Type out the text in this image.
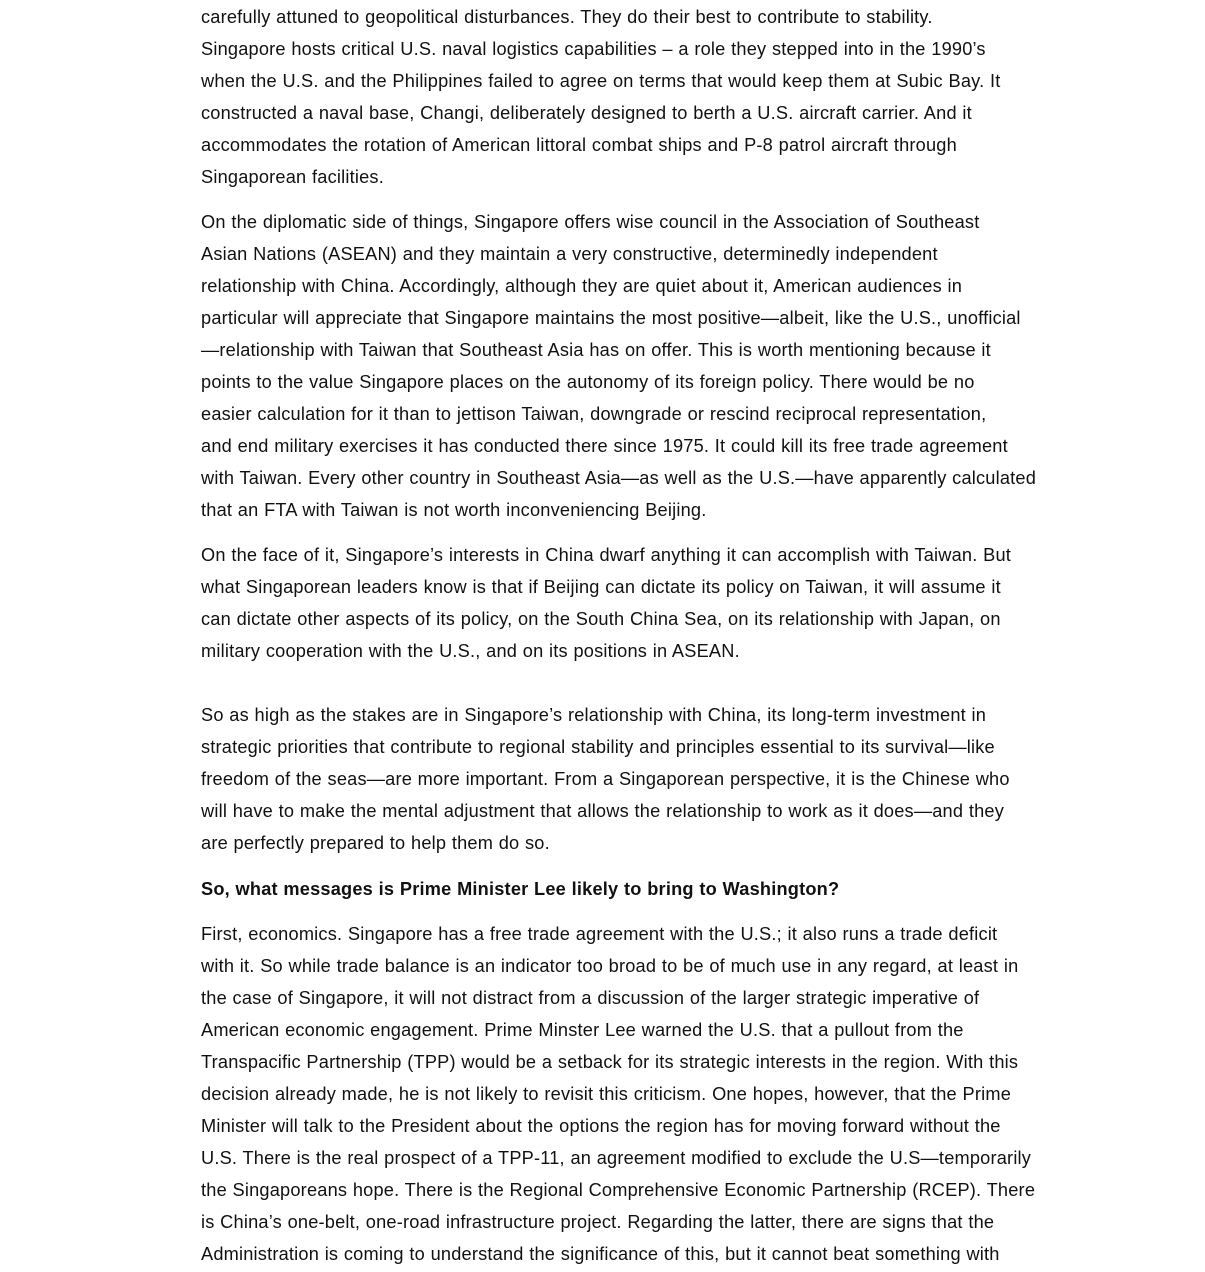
carefully attuned to geopolitical disturbances. They do their best to contribute to stability.
Singapore hosts critical U.S. naval logistics capabilities – a role they stepped into in the 1990’s
when the U.S. and the Philippines failed to agree on terms that would keep them at Subic Bay. It
constructed a naval base, Changi, deliberately designed to berth a U.S. aircraft carrier. And it
accommodates the rotation of American littoral combat ships and P-8 patrol aircraft through
Singaporean facilities.

On the diplomatic side of things, Singapore offers wise council in the Association of Southeast
Asian Nations (ASEAN) and they maintain a very constructive, determinedly independent
relationship with China. Accordingly, although they are quiet about it, American audiences in
particular will appreciate that Singapore maintains the most positive—albeit, like the U.S., unofficial
—relationship with Taiwan that Southeast Asia has on offer. This is worth mentioning because it
points to the value Singapore places on the autonomy of its foreign policy. There would be no
easier calculation for it than to jettison Taiwan, downgrade or rescind reciprocal representation,
and end military exercises it has conducted there since 1975. It could kill its free trade agreement
with Taiwan. Every other country in Southeast Asia—as well as the U.S.—have apparently calculated
that an FTA with Taiwan is not worth inconveniencing Beijing.

On the face of it, Singapore’s interests in China dwarf anything it can accomplish with Taiwan. But
what Singaporean leaders know is that if Beijing can dictate its policy on Taiwan, it will assume it
can dictate other aspects of its policy, on the South China Sea, on its relationship with Japan, on
military cooperation with the U.S., and on its positions in ASEAN.

So as high as the stakes are in Singapore’s relationship with China, its long-term investment in
strategic priorities that contribute to regional stability and principles essential to its survival—like
freedom of the seas—are more important. From a Singaporean perspective, it is the Chinese who
will have to make the mental adjustment that allows the relationship to work as it does—and they
are perfectly prepared to help them do so.

So, what messages is Prime Minister Lee likely to bring to Washington?

First, economics. Singapore has a free trade agreement with the U.S.; it also runs a trade deficit
with it. So while trade balance is an indicator too broad to be of much use in any regard, at least in
the case of Singapore, it will not distract from a discussion of the larger strategic imperative of
American economic engagement. Prime Minster Lee warned the U.S. that a pullout from the
Transpacific Partnership (TPP) would be a setback for its strategic interests in the region. With this
decision already made, he is not likely to revisit this criticism. One hopes, however, that the Prime
Minister will talk to the President about the options the region has for moving forward without the
U.S. There is the real prospect of a TPP-11, an agreement modified to exclude the U.S—temporarily
the Singaporeans hope. There is the Regional Comprehensive Economic Partnership (RCEP). There
is China’s one-belt, one-road infrastructure project. Regarding the latter, there are signs that the
Administration is coming to understand the significance of this, but it cannot beat something with
